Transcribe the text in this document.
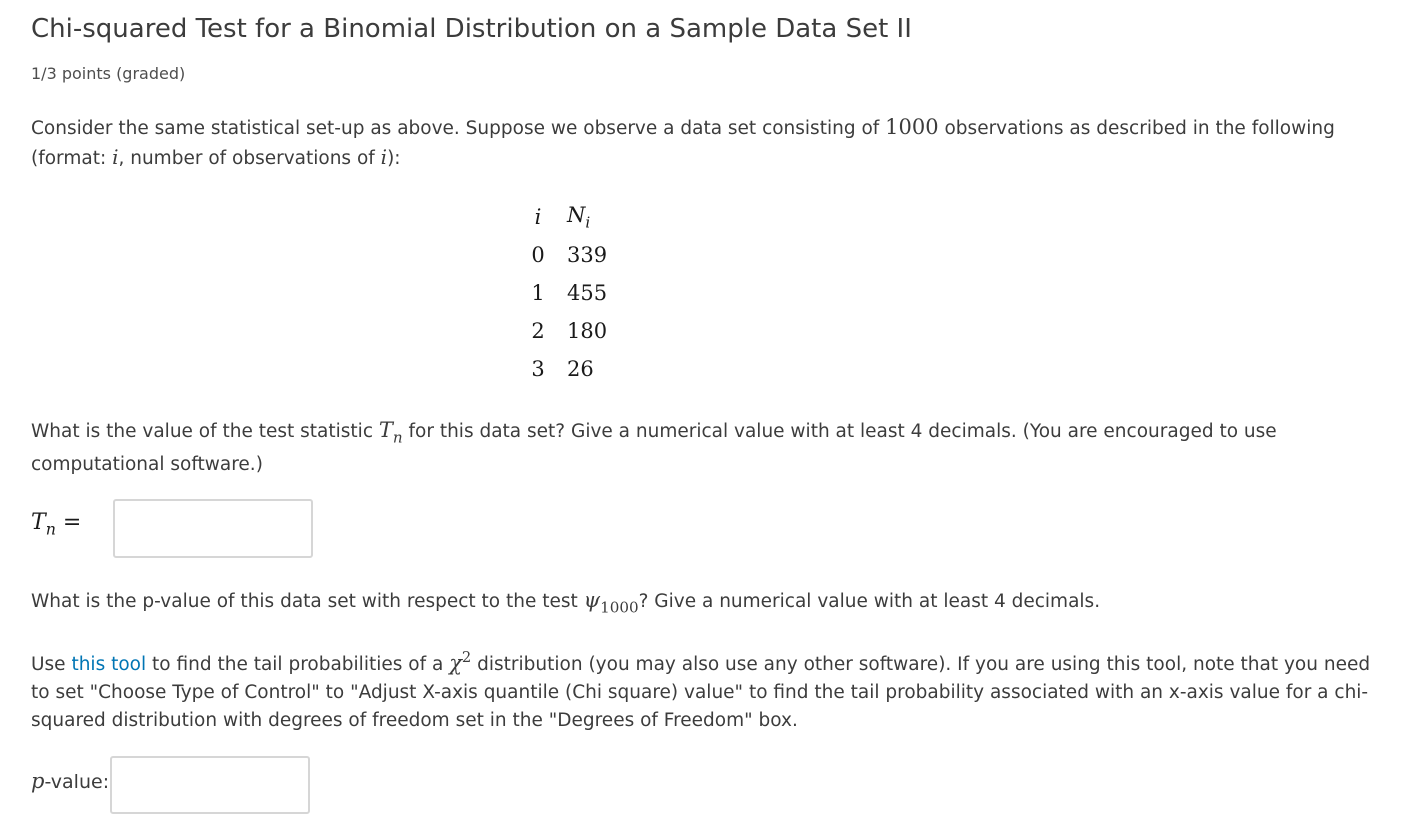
Chi-squared Test for a Binomial Distribution on a Sample Data Set II
1/3 points (graded)

Consider the same statistical set-up as above. Suppose we observe a data set consisting of 1000 observations as described in the following
(format: i, number of observations of i):

i	$N_i$
0	339
1	455
2	180
3	26

What is the value of the test statistic $T_n$ for this data set? Give a numerical value with at least 4 decimals. (You are encouraged to use
computational software.)

$T_n$ =

What is the p-value of this data set with respect to the test $\psi_{1000}$? Give a numerical value with at least 4 decimals.

Use this tool to find the tail probabilities of a $\chi^2$ distribution (you may also use any other software). If you are using this tool, note that you need
to set "Choose Type of Control" to "Adjust X-axis quantile (Chi square) value" to find the tail probability associated with an x-axis value for a chi-
squared distribution with degrees of freedom set in the "Degrees of Freedom" box.

p-value:
